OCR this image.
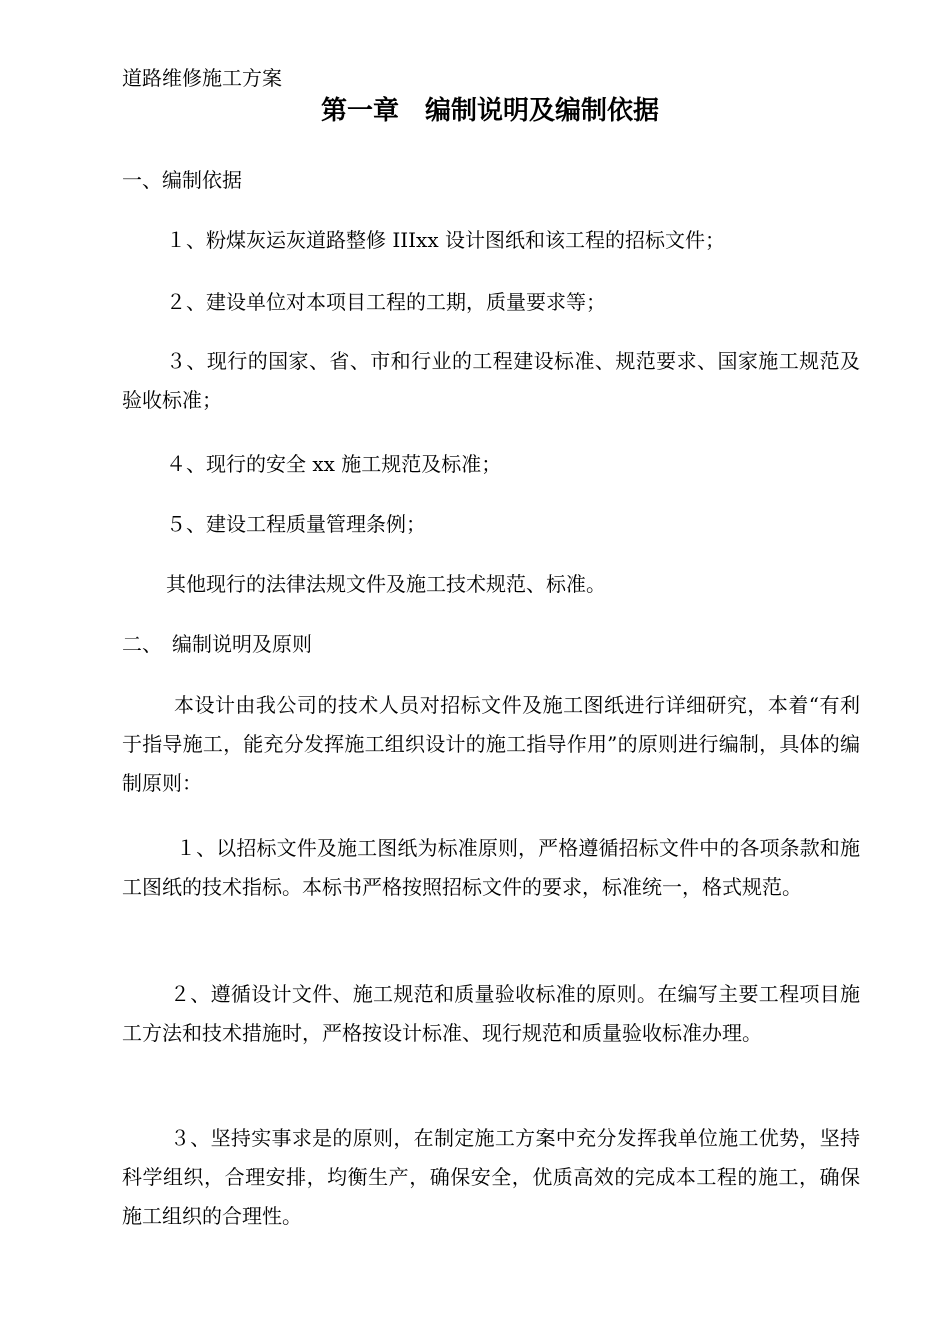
道路维修施工方案
第一章　编制说明及编制依据
一、编制依据
１、粉煤灰运灰道路整修 IIIxx 设计图纸和该工程的招标文件；
２、建设单位对本项目工程的工期，质量要求等；
３、现行的国家、省、市和行业的工程建设标准、规范要求、国家施工规范及验收标准；
４、现行的安全 xx 施工规范及标准；
５、建设工程质量管理条例；
其他现行的法律法规文件及施工技术规范、标准。
二、　编制说明及原则
本设计由我公司的技术人员对招标文件及施工图纸进行详细研究，本着“有利于指导施工，能充分发挥施工组织设计的施工指导作用”的原则进行编制，具体的编制原则：
１、以招标文件及施工图纸为标准原则，严格遵循招标文件中的各项条款和施工图纸的技术指标。本标书严格按照招标文件的要求，标准统一，格式规范。
２、遵循设计文件、施工规范和质量验收标准的原则。在编写主要工程项目施工方法和技术措施时，严格按设计标准、现行规范和质量验收标准办理。
３、坚持实事求是的原则，在制定施工方案中充分发挥我单位施工优势，坚持科学组织，合理安排，均衡生产，确保安全，优质高效的完成本工程的施工，确保施工组织的合理性。
